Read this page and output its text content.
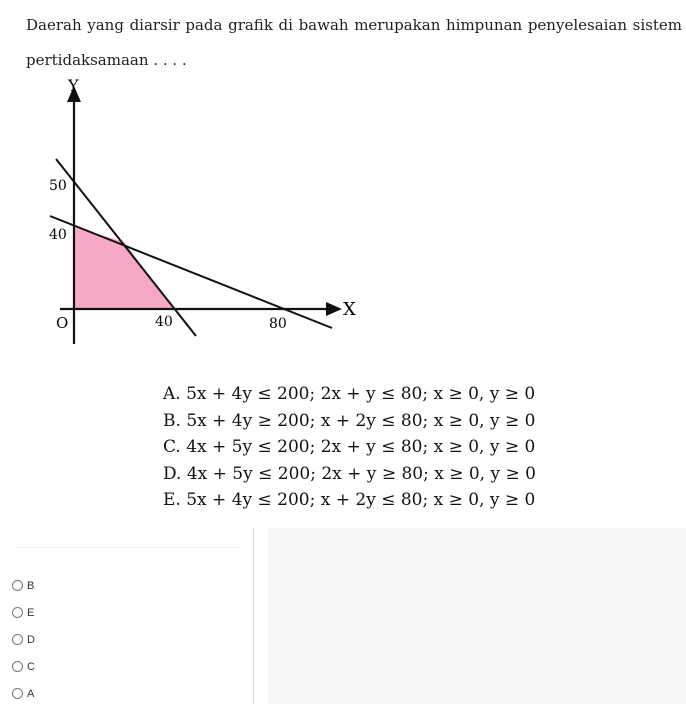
Daerah yang diarsir pada grafik di bawah merupakan himpunan penyelesaian sistem pertidaksamaan . . . .
Y
X
O
50
40
40	80
A. 5x + 4y ≤ 200; 2x + y ≤ 80; x ≥ 0, y ≥ 0
B. 5x + 4y ≥ 200; x + 2y ≤ 80; x ≥ 0, y ≥ 0
C. 4x + 5y ≤ 200; 2x + y ≤ 80; x ≥ 0, y ≥ 0
D. 4x + 5y ≤ 200; 2x + y ≥ 80; x ≥ 0, y ≥ 0
E. 5x + 4y ≤ 200; x + 2y ≤ 80; x ≥ 0, y ≥ 0
B
E
D
C
A
